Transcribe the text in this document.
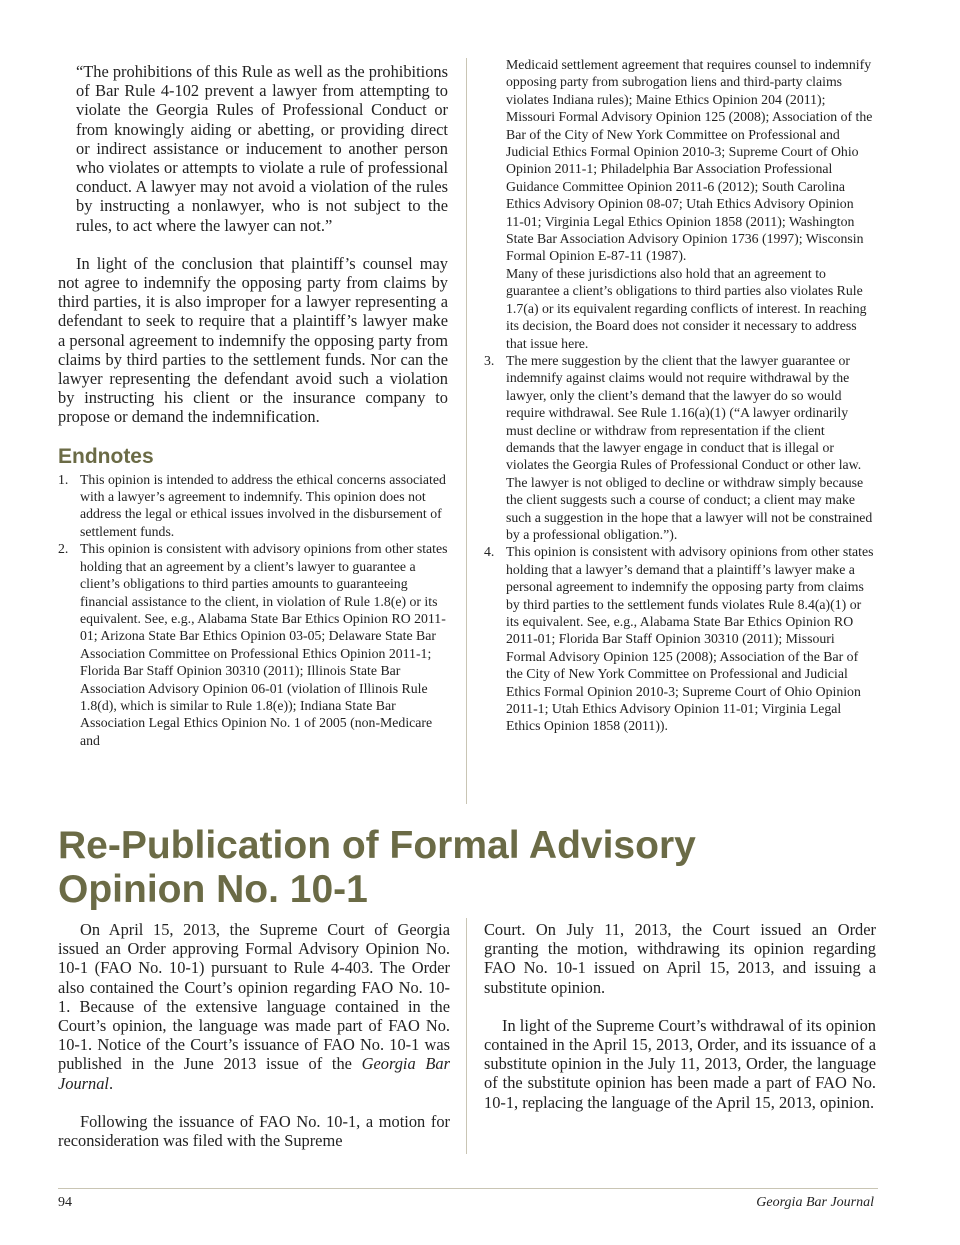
“The prohibitions of this Rule as well as the prohibitions of Bar Rule 4-102 prevent a lawyer from attempting to violate the Georgia Rules of Professional Conduct or from knowingly aiding or abetting, or providing direct or indirect assistance or inducement to another person who violates or attempts to violate a rule of professional conduct. A lawyer may not avoid a violation of the rules by instructing a nonlawyer, who is not subject to the rules, to act where the lawyer can not.”

In light of the conclusion that plaintiff’s counsel may not agree to indemnify the opposing party from claims by third parties, it is also improper for a lawyer representing a defendant to seek to require that a plaintiff’s lawyer make a personal agreement to indemnify the opposing party from claims by third parties to the settlement funds. Nor can the lawyer representing the defendant avoid such a violation by instructing his client or the insurance company to propose or demand the indemnification.

Endnotes
1. This opinion is intended to address the ethical concerns associated with a lawyer’s agreement to indemnify. This opinion does not address the legal or ethical issues involved in the disbursement of settlement funds.
2. This opinion is consistent with advisory opinions from other states holding that an agreement by a client’s lawyer to guarantee a client’s obligations to third parties amounts to guaranteeing financial assistance to the client, in violation of Rule 1.8(e) or its equivalent. See, e.g., Alabama State Bar Ethics Opinion RO 2011-01; Arizona State Bar Ethics Opinion 03-05; Delaware State Bar Association Committee on Professional Ethics Opinion 2011-1; Florida Bar Staff Opinion 30310 (2011); Illinois State Bar Association Advisory Opinion 06-01 (violation of Illinois Rule 1.8(d), which is similar to Rule 1.8(e)); Indiana State Bar Association Legal Ethics Opinion No. 1 of 2005 (non-Medicare and

Medicaid settlement agreement that requires counsel to indemnify opposing party from subrogation liens and third-party claims violates Indiana rules); Maine Ethics Opinion 204 (2011); Missouri Formal Advisory Opinion 125 (2008); Association of the Bar of the City of New York Committee on Professional and Judicial Ethics Formal Opinion 2010-3; Supreme Court of Ohio Opinion 2011-1; Philadelphia Bar Association Professional Guidance Committee Opinion 2011-6 (2012); South Carolina Ethics Advisory Opinion 08-07; Utah Ethics Advisory Opinion 11-01; Virginia Legal Ethics Opinion 1858 (2011); Washington State Bar Association Advisory Opinion 1736 (1997); Wisconsin Formal Opinion E-87-11 (1987).

Many of these jurisdictions also hold that an agreement to guarantee a client’s obligations to third parties also violates Rule 1.7(a) or its equivalent regarding conflicts of interest. In reaching its decision, the Board does not consider it necessary to address that issue here.

3. The mere suggestion by the client that the lawyer guarantee or indemnify against claims would not require withdrawal by the lawyer, only the client’s demand that the lawyer do so would require withdrawal. See Rule 1.16(a)(1) (“A lawyer ordinarily must decline or withdraw from representation if the client demands that the lawyer engage in conduct that is illegal or violates the Georgia Rules of Professional Conduct or other law. The lawyer is not obliged to decline or withdraw simply because the client suggests such a course of conduct; a client may make such a suggestion in the hope that a lawyer will not be constrained by a professional obligation.”).
4. This opinion is consistent with advisory opinions from other states holding that a lawyer’s demand that a plaintiff’s lawyer make a personal agreement to indemnify the opposing party from claims by third parties to the settlement funds violates Rule 8.4(a)(1) or its equivalent. See, e.g., Alabama State Bar Ethics Opinion RO 2011-01; Florida Bar Staff Opinion 30310 (2011); Missouri Formal Advisory Opinion 125 (2008); Association of the Bar of the City of New York Committee on Professional and Judicial Ethics Formal Opinion 2010-3; Supreme Court of Ohio Opinion 2011-1; Utah Ethics Advisory Opinion 11-01; Virginia Legal Ethics Opinion 1858 (2011)).
Re-Publication of Formal Advisory
Opinion No. 10-1

On April 15, 2013, the Supreme Court of Georgia issued an Order approving Formal Advisory Opinion No. 10-1 (FAO No. 10-1) pursuant to Rule 4-403. The Order also contained the Court’s opinion regarding FAO No. 10-1. Because of the extensive language contained in the Court’s opinion, the language was made part of FAO No. 10-1. Notice of the Court’s issuance of FAO No. 10-1 was published in the June 2013 issue of the Georgia Bar Journal.

Following the issuance of FAO No. 10-1, a motion for reconsideration was filed with the Supreme

Court. On July 11, 2013, the Court issued an Order granting the motion, withdrawing its opinion regarding FAO No. 10-1 issued on April 15, 2013, and issuing a substitute opinion.

In light of the Supreme Court’s withdrawal of its opinion contained in the April 15, 2013, Order, and its issuance of a substitute opinion in the July 11, 2013, Order, the language of the substitute opinion has been made a part of FAO No. 10-1, replacing the language of the April 15, 2013, opinion.

94	Georgia Bar Journal
